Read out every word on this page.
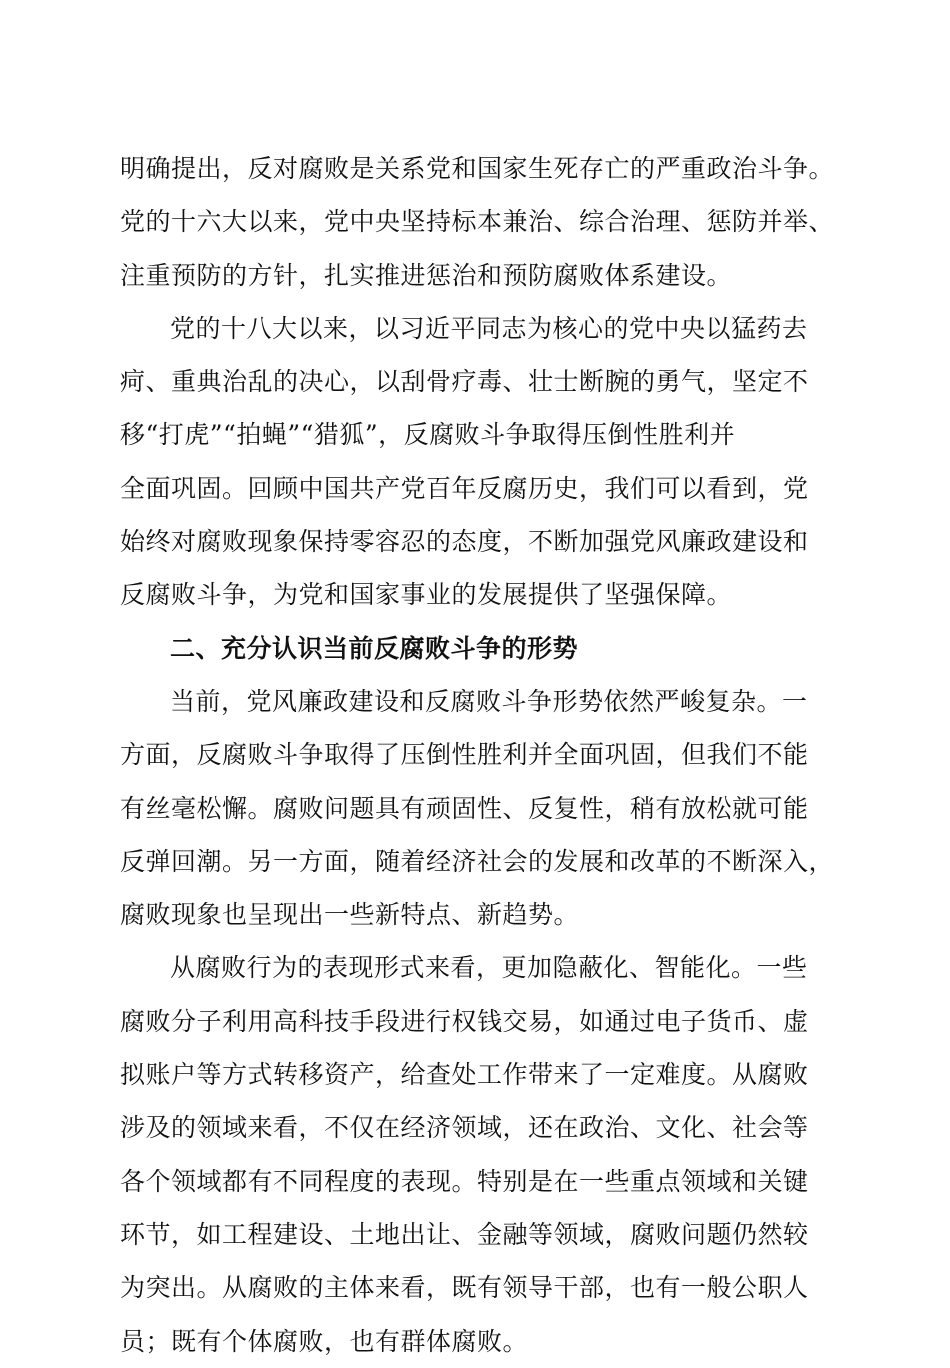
明确提出，反对腐败是关系党和国家生死存亡的严重政治斗争。
党的十六大以来，党中央坚持标本兼治、综合治理、惩防并举、
注重预防的方针，扎实推进惩治和预防腐败体系建设。
党的十八大以来，以习近平同志为核心的党中央以猛药去
疴、重典治乱的决心，以刮骨疗毒、壮士断腕的勇气，坚定不
移“打虎”“拍蝇”“猎狐”，反腐败斗争取得压倒性胜利并
全面巩固。回顾中国共产党百年反腐历史，我们可以看到，党
始终对腐败现象保持零容忍的态度，不断加强党风廉政建设和
反腐败斗争，为党和国家事业的发展提供了坚强保障。
二、充分认识当前反腐败斗争的形势
当前，党风廉政建设和反腐败斗争形势依然严峻复杂。一
方面，反腐败斗争取得了压倒性胜利并全面巩固，但我们不能
有丝毫松懈。腐败问题具有顽固性、反复性，稍有放松就可能
反弹回潮。另一方面，随着经济社会的发展和改革的不断深入，
腐败现象也呈现出一些新特点、新趋势。
从腐败行为的表现形式来看，更加隐蔽化、智能化。一些
腐败分子利用高科技手段进行权钱交易，如通过电子货币、虚
拟账户等方式转移资产，给查处工作带来了一定难度。从腐败
涉及的领域来看，不仅在经济领域，还在政治、文化、社会等
各个领域都有不同程度的表现。特别是在一些重点领域和关键
环节，如工程建设、土地出让、金融等领域，腐败问题仍然较
为突出。从腐败的主体来看，既有领导干部，也有一般公职人
员；既有个体腐败，也有群体腐败。
